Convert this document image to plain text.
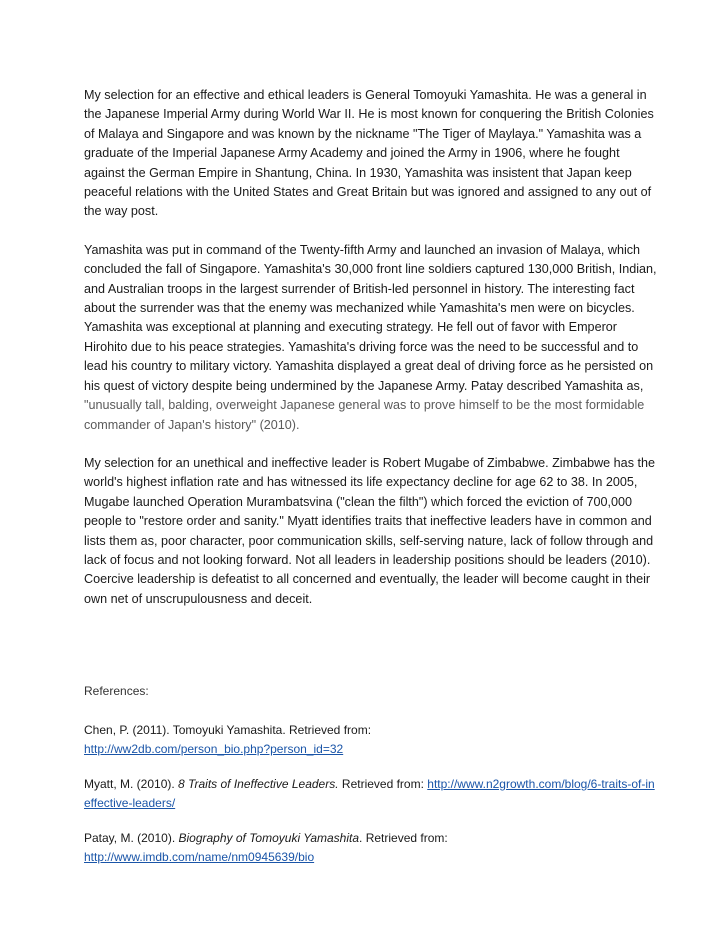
My selection for an effective and ethical leaders is General Tomoyuki Yamashita. He was a general in the Japanese Imperial Army during World War II. He is most known for conquering the British Colonies of Malaya and Singapore and was known by the nickname "The Tiger of Maylaya." Yamashita was a graduate of the Imperial Japanese Army Academy and joined the Army in 1906, where he fought against the German Empire in Shantung, China. In 1930, Yamashita was insistent that Japan keep peaceful relations with the United States and Great Britain but was ignored and assigned to any out of the way post.

Yamashita was put in command of the Twenty-fifth Army and launched an invasion of Malaya, which concluded the fall of Singapore. Yamashita's 30,000 front line soldiers captured 130,000 British, Indian, and Australian troops in the largest surrender of British-led personnel in history. The interesting fact about the surrender was that the enemy was mechanized while Yamashita's men were on bicycles. Yamashita was exceptional at planning and executing strategy. He fell out of favor with Emperor Hirohito due to his peace strategies. Yamashita's driving force was the need to be successful and to lead his country to military victory. Yamashita displayed a great deal of driving force as he persisted on his quest of victory despite being undermined by the Japanese Army. Patay described Yamashita as,

"unusually tall, balding, overweight Japanese general was to prove himself to be the most formidable commander of Japan's history" (2010).

My selection for an unethical and ineffective leader is Robert Mugabe of Zimbabwe. Zimbabwe has the world's highest inflation rate and has witnessed its life expectancy decline for age 62 to 38. In 2005, Mugabe launched Operation Murambatsvina ("clean the filth") which forced the eviction of 700,000 people to "restore order and sanity." Myatt identifies traits that ineffective leaders have in common and lists them as, poor character, poor communication skills, self-serving nature, lack of follow through and lack of focus and not looking forward. Not all leaders in leadership positions should be leaders (2010). Coercive leadership is defeatist to all concerned and eventually, the leader will become caught in their own net of unscrupulousness and deceit.

References:
Chen, P. (2011). Tomoyuki Yamashita. Retrieved from:
http://ww2db.com/person_bio.php?person_id=32
Myatt, M. (2010). 8 Traits of Ineffective Leaders. Retrieved from: http://www.n2growth.com/blog/6-traits-of-ineffective-leaders/
Patay, M. (2010). Biography of Tomoyuki Yamashita. Retrieved from:
http://www.imdb.com/name/nm0945639/bio
